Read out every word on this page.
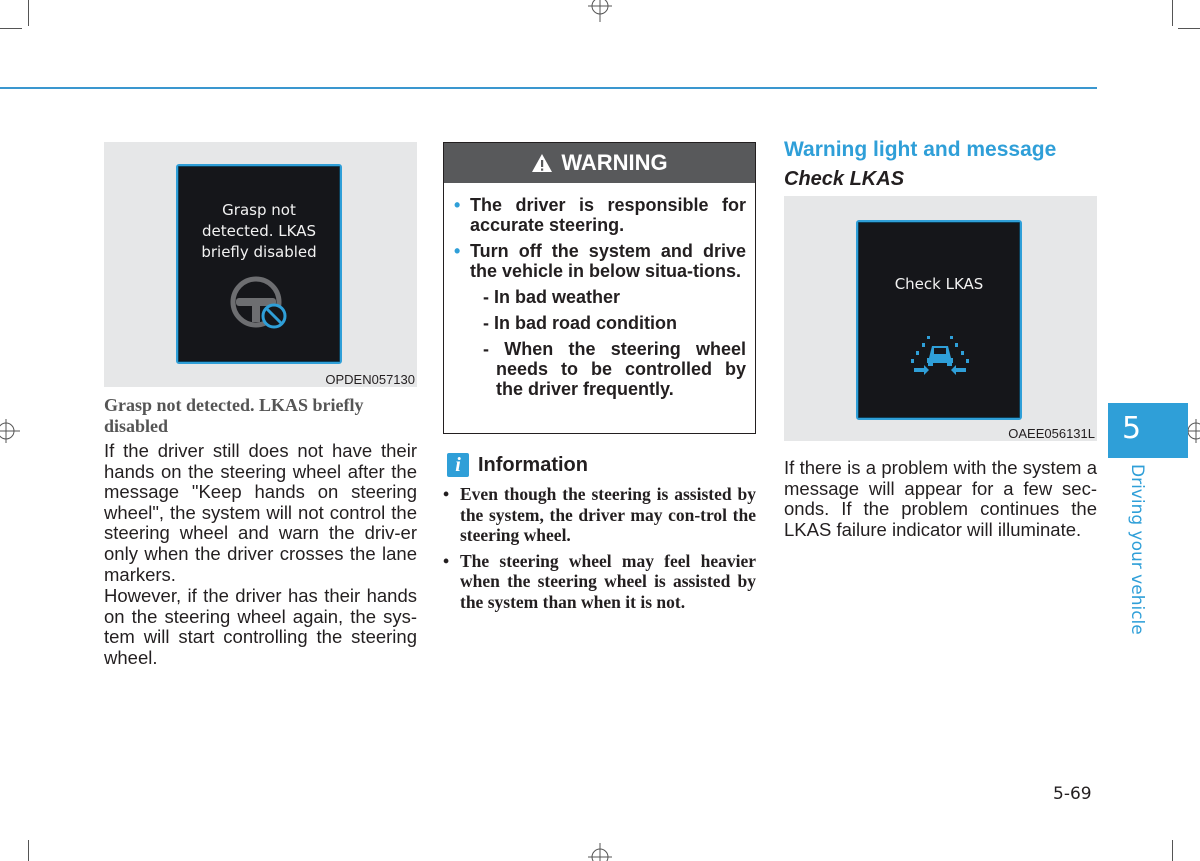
Grasp not
detected. LKAS
briefly disabled
OPDEN057130
Grasp not detected. LKAS briefly disabled

If the driver still does not have their hands on the steering wheel after the message "Keep hands on steering wheel", the system will not control the steering wheel and warn the driv-er only when the driver crosses the lane markers.

However, if the driver has their hands on the steering wheel again, the sys-tem will start controlling the steering wheel.

WARNING
• The driver is responsible for accurate steering.
• Turn off the system and drive the vehicle in below situa-tions.
- In bad weather
- In bad road condition
- When the steering wheel needs to be controlled by the driver frequently.
i Information
• Even though the steering is assisted by the system, the driver may con-trol the steering wheel.
• The steering wheel may feel heavier when the steering wheel is assisted by the system than when it is not.
Warning light and message
Check LKAS
Check LKAS
OAEE056131L

If there is a problem with the system a message will appear for a few sec-onds. If the problem continues the LKAS failure indicator will illuminate.

5
Driving your vehicle
5-69
